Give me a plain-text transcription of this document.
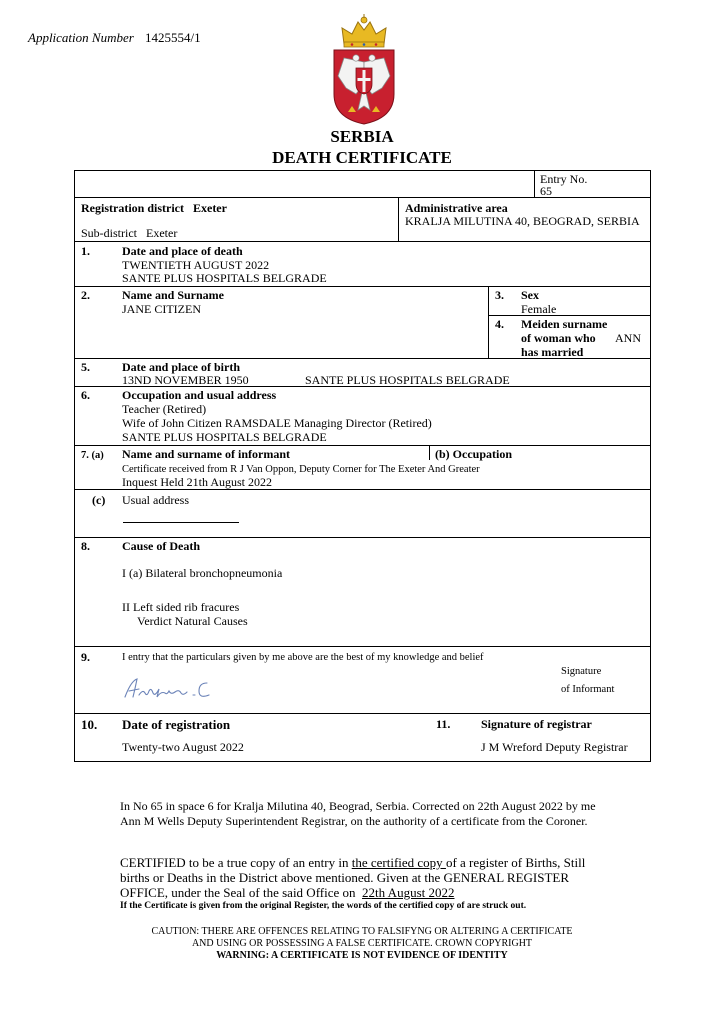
Application Number 1425554/1
SERBIA
DEATH CERTIFICATE
Entry No.
65
Registration district Exeter
Sub-district Exeter
Administrative area
KRALJA MILUTINA 40, BEOGRAD, SERBIA
1.	Date and place of death
TWENTIETH AUGUST 2022
SANTE PLUS HOSPITALS BELGRADE
2.	Name and Surname
JANE CITIZEN
3. Sex
Female
4. Meiden surname
of woman who
has married
ANN
5.	Date and place of birth
13ND NOVEMBER 1950	SANTE PLUS HOSPITALS BELGRADE
6.	Occupation and usual address
Teacher (Retired)
Wife of John Citizen RAMSDALE Managing Director (Retired)
SANTE PLUS HOSPITALS BELGRADE
7. (a) Name and surname of informant	(b) Occupation
Certificate received from R J Van Oppon, Deputy Corner for The Exeter And Greater
Inquest Held 21th August 2022
(c) Usual address
8.	Cause of Death
I (a) Bilateral bronchopneumonia
II Left sided rib fracures
Verdict Natural Causes
9.	I entry that the particulars given by me above are the best of my knowledge and belief
Signature
of Informant
10. Date of registration
Twenty-two August 2022
11.	Signature of registrar
J M Wreford Deputy Registrar
In No 65 in space 6 for Kralja Milutina 40, Beograd, Serbia. Corrected on 22th August 2022 by me Ann M Wells Deputy Superintendent Registrar, on the authority of a certificate from the Coroner.
CERTIFIED to be a true copy of an entry in the certified copy of a register of Births, Still births or Deaths in the District above mentioned. Given at the GENERAL REGISTER OFFICE, under the Seal of the said Office on 22th August 2022
If the Certificate is given from the original Register, the words of the certified copy of are struck out.
CAUTION: THERE ARE OFFENCES RELATING TO FALSIFYNG OR ALTERING A CERTIFICATE
AND USING OR POSSESSING A FALSE CERTIFICATE. CROWN COPYRIGHT
WARNING: A CERTIFICATE IS NOT EVIDENCE OF IDENTITY
